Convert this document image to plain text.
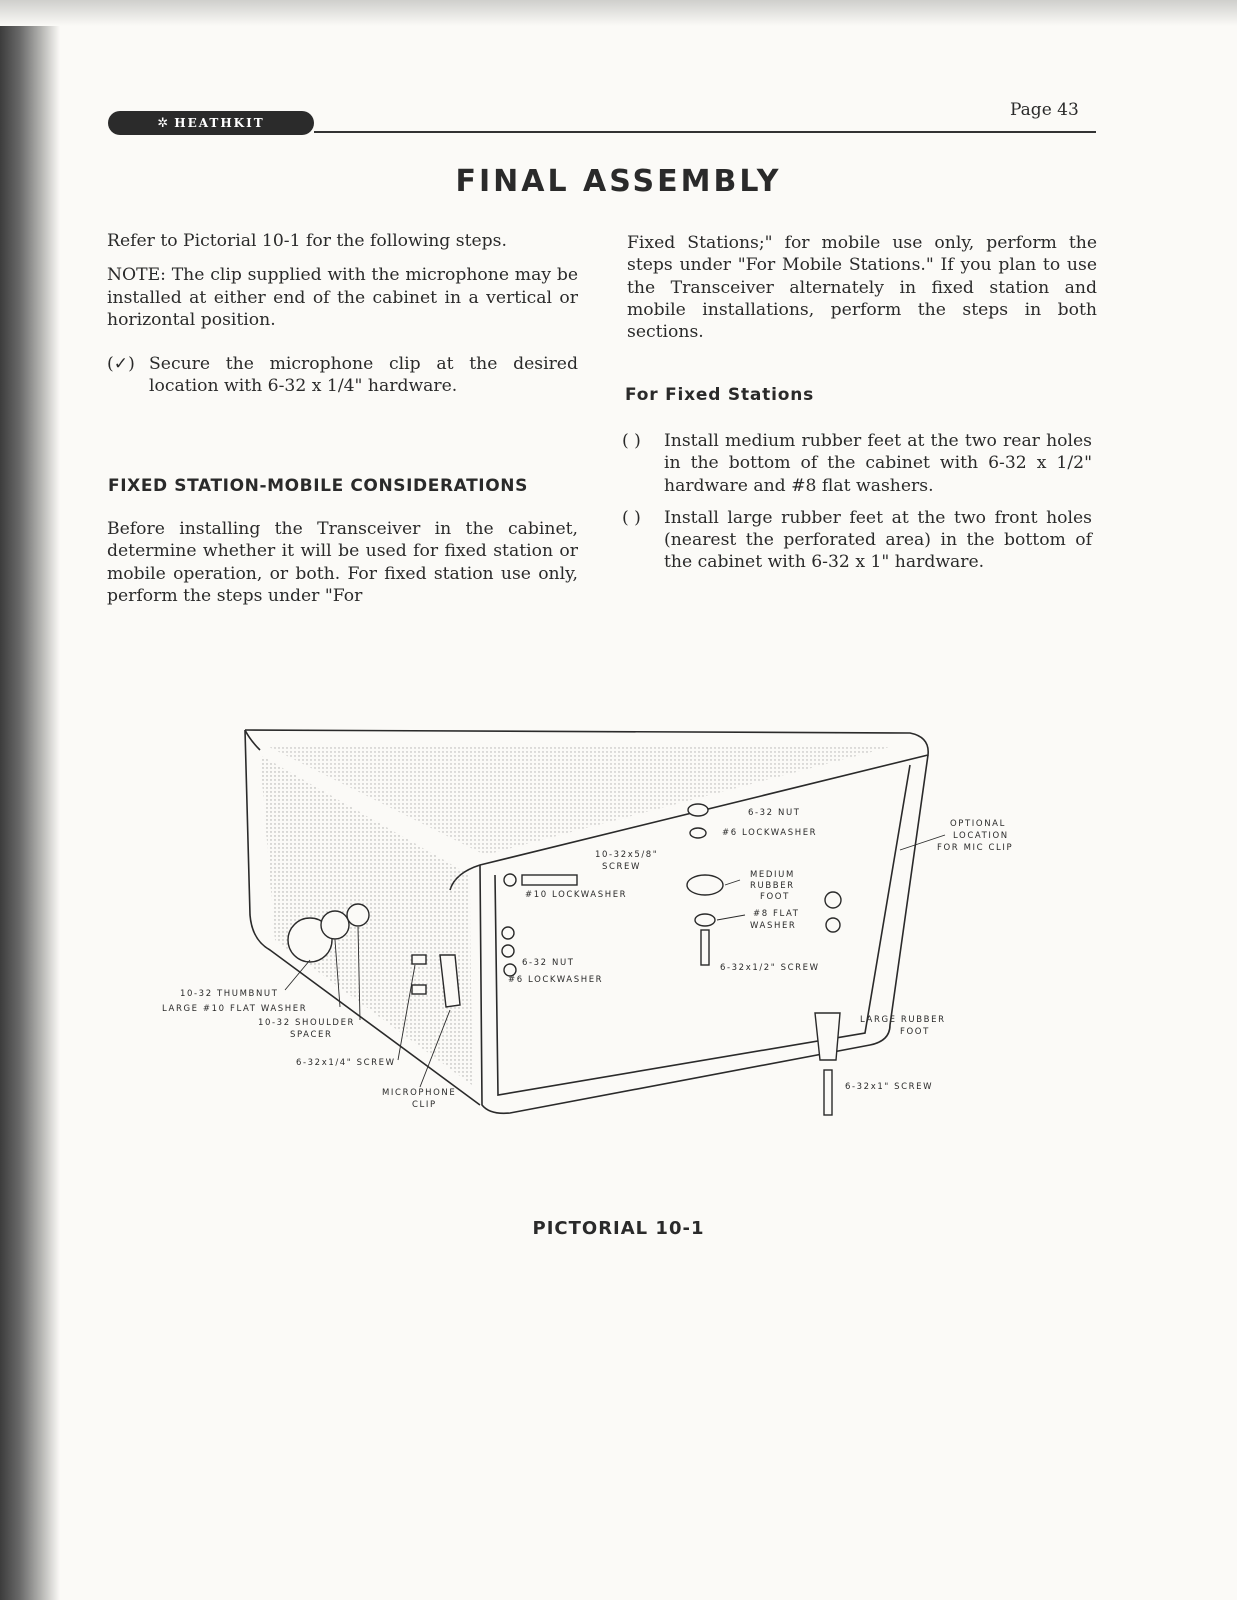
✲ HEATHKIT
Page 43
FINAL ASSEMBLY

Refer to Pictorial 10-1 for the following steps.

NOTE: The clip supplied with the microphone may be installed at either end of the cabinet in a vertical or horizontal position.

(✓) Secure the microphone clip at the desired location with 6-32 x 1/4" hardware.
FIXED STATION-MOBILE CONSIDERATIONS

Before installing the Transceiver in the cabinet, determine whether it will be used for fixed station or mobile operation, or both. For fixed station use only, perform the steps under "For

Fixed Stations;" for mobile use only, perform the steps under "For Mobile Stations." If you plan to use the Transceiver alternately in fixed station and mobile installations, perform the steps in both sections.

For Fixed Stations
( )	Install medium rubber feet at the two rear holes in the bottom of the cabinet with 6-32 x 1/2" hardware and #8 flat washers.
( )	Install large rubber feet at the two front holes (nearest the perforated area) in the bottom of the cabinet with 6-32 x 1" hardware.
6-32 NUT
#6 LOCKWASHER
10-32x5/8"
SCREW
#10 LOCKWASHER
MEDIUM
RUBBER
FOOT
#8 FLAT
WASHER
OPTIONAL
LOCATION
FOR MIC CLIP
6-32 NUT
#6 LOCKWASHER
6-32x1/2" SCREW
10-32 THUMBNUT
LARGE #10 FLAT WASHER
10-32 SHOULDER
SPACER
6-32x1/4" SCREW
MICROPHONE
CLIP
LARGE RUBBER
FOOT
6-32x1" SCREW
PICTORIAL 10-1
